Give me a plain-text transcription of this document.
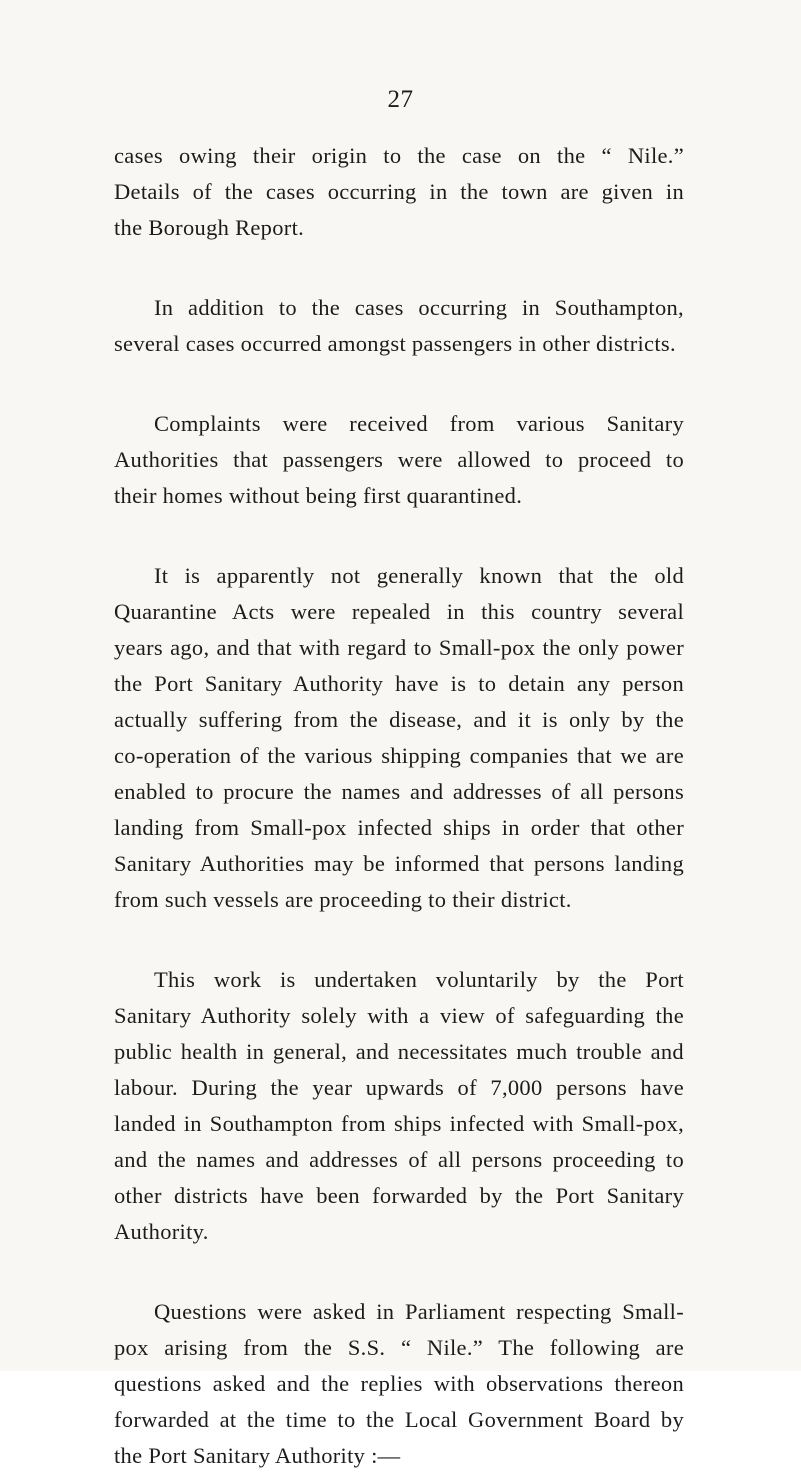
27
cases owing their origin to the case on the “ Nile.”
Details of the cases occurring in the town are given in
the Borough Report.
In addition to the cases occurring in Southampton,
several cases occurred amongst passengers in other districts.
Complaints were received from various Sanitary
Authorities that passengers were allowed to proceed to
their homes without being first quarantined.
It is apparently not generally known that the old
Quarantine Acts were repealed in this country several
years ago, and that with regard to Small-pox the only power
the Port Sanitary Authority have is to detain any person
actually suffering from the disease, and it is only by the
co-operation of the various shipping companies that we are
enabled to procure the names and addresses of all persons
landing from Small-pox infected ships in order that other
Sanitary Authorities may be informed that persons landing
from such vessels are proceeding to their district.
This work is undertaken voluntarily by the Port
Sanitary Authority solely with a view of safeguarding the
public health in general, and necessitates much trouble and
labour. During the year upwards of 7,000 persons have
landed in Southampton from ships infected with Small-pox,
and the names and addresses of all persons proceeding to
other districts have been forwarded by the Port Sanitary
Authority.
Questions were asked in Parliament respecting Small-
pox arising from the S.S. “ Nile.” The following are
questions asked and the replies with observations thereon
forwarded at the time to the Local Government Board by
the Port Sanitary Authority :—
